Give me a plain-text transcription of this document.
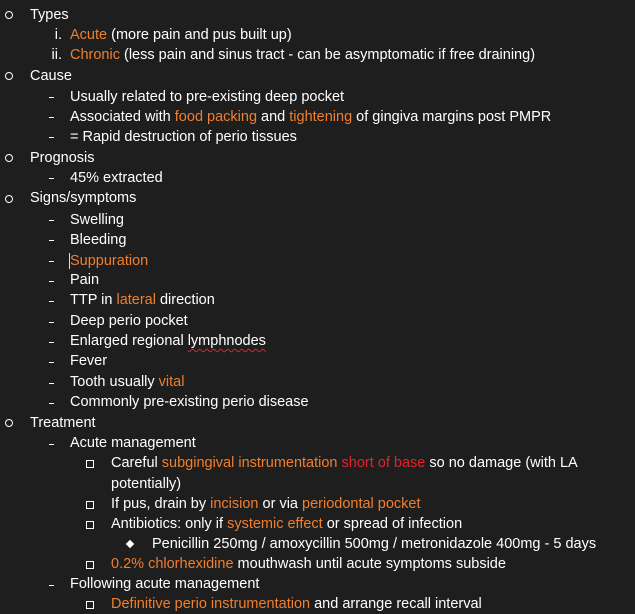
Types
i. Acute (more pain and pus built up)
ii. Chronic (less pain and sinus tract - can be asymptomatic if free draining)
Cause
Usually related to pre-existing deep pocket
Associated with food packing and tightening of gingiva margins post PMPR
= Rapid destruction of perio tissues
Prognosis
45% extracted
Signs/symptoms
Swelling
Bleeding
Suppuration
Pain
TTP in lateral direction
Deep perio pocket
Enlarged regional lymphnodes
Fever
Tooth usually vital
Commonly pre-existing perio disease
Treatment
Acute management
Careful subgingival instrumentation short of base so no damage (with LA
potentially)
If pus, drain by incision or via periodontal pocket
Antibiotics: only if systemic effect or spread of infection
Penicillin 250mg / amoxycillin 500mg / metronidazole 400mg - 5 days
0.2% chlorhexidine mouthwash until acute symptoms subside
Following acute management
Definitive perio instrumentation and arrange recall interval
